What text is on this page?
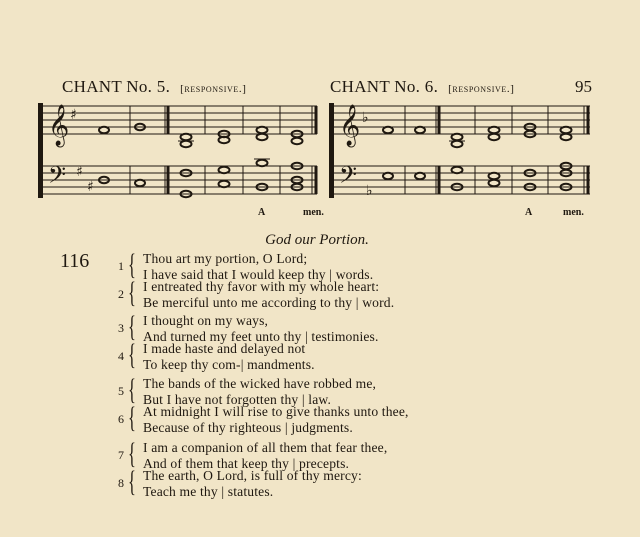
CHANT No. 5. [responsive.]	CHANT No. 6. [responsive.]	95
𝄞
𝄢
♯
♯
♯
𝄞
𝄢
♭
♭
A	men.	A	men.
God our Portion.
116	1 { Thou art my portion, O Lord;
I have said that I would keep thy | words.
2 { I entreated thy favor with my whole heart:
Be merciful unto me according to thy | word.
3 { I thought on my ways,
And turned my feet unto thy | testimonies.
4 { I made haste and delayed not
To keep thy com-| mandments.
5 { The bands of the wicked have robbed me,
But I have not forgotten thy | law.
6 { At midnight I will rise to give thanks unto thee,
Because of thy righteous | judgments.
7 { I am a companion of all them that fear thee,
And of them that keep thy | precepts.
8 { The earth, O Lord, is full of thy mercy:
Teach me thy | statutes.
